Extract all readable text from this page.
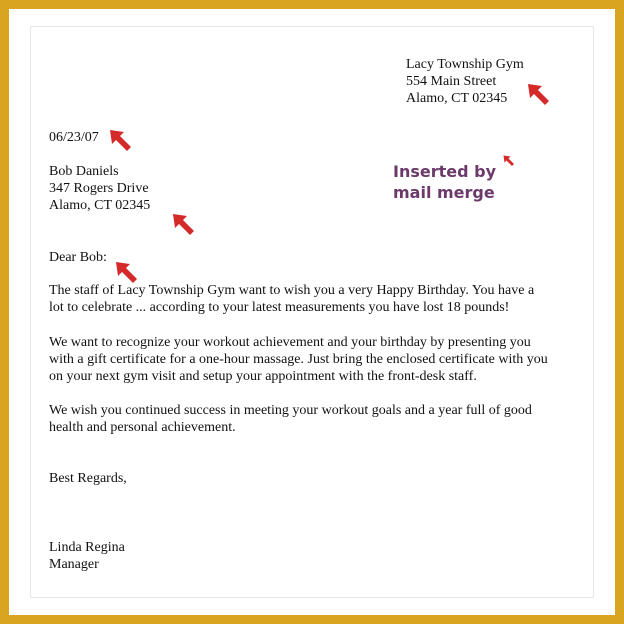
Lacy Township Gym
554 Main Street
Alamo, CT 02345
06/23/07
Bob Daniels
347 Rogers Drive
Alamo, CT 02345
Inserted by
mail merge
Dear Bob:
The staff of Lacy Township Gym want to wish you a very Happy Birthday. You have a
lot to celebrate ... according to your latest measurements you have lost 18 pounds!
We want to recognize your workout achievement and your birthday by presenting you
with a gift certificate for a one-hour massage. Just bring the enclosed certificate with you
on your next gym visit and setup your appointment with the front-desk staff.
We wish you continued success in meeting your workout goals and a year full of good
health and personal achievement.
Best Regards,
Linda Regina
Manager
